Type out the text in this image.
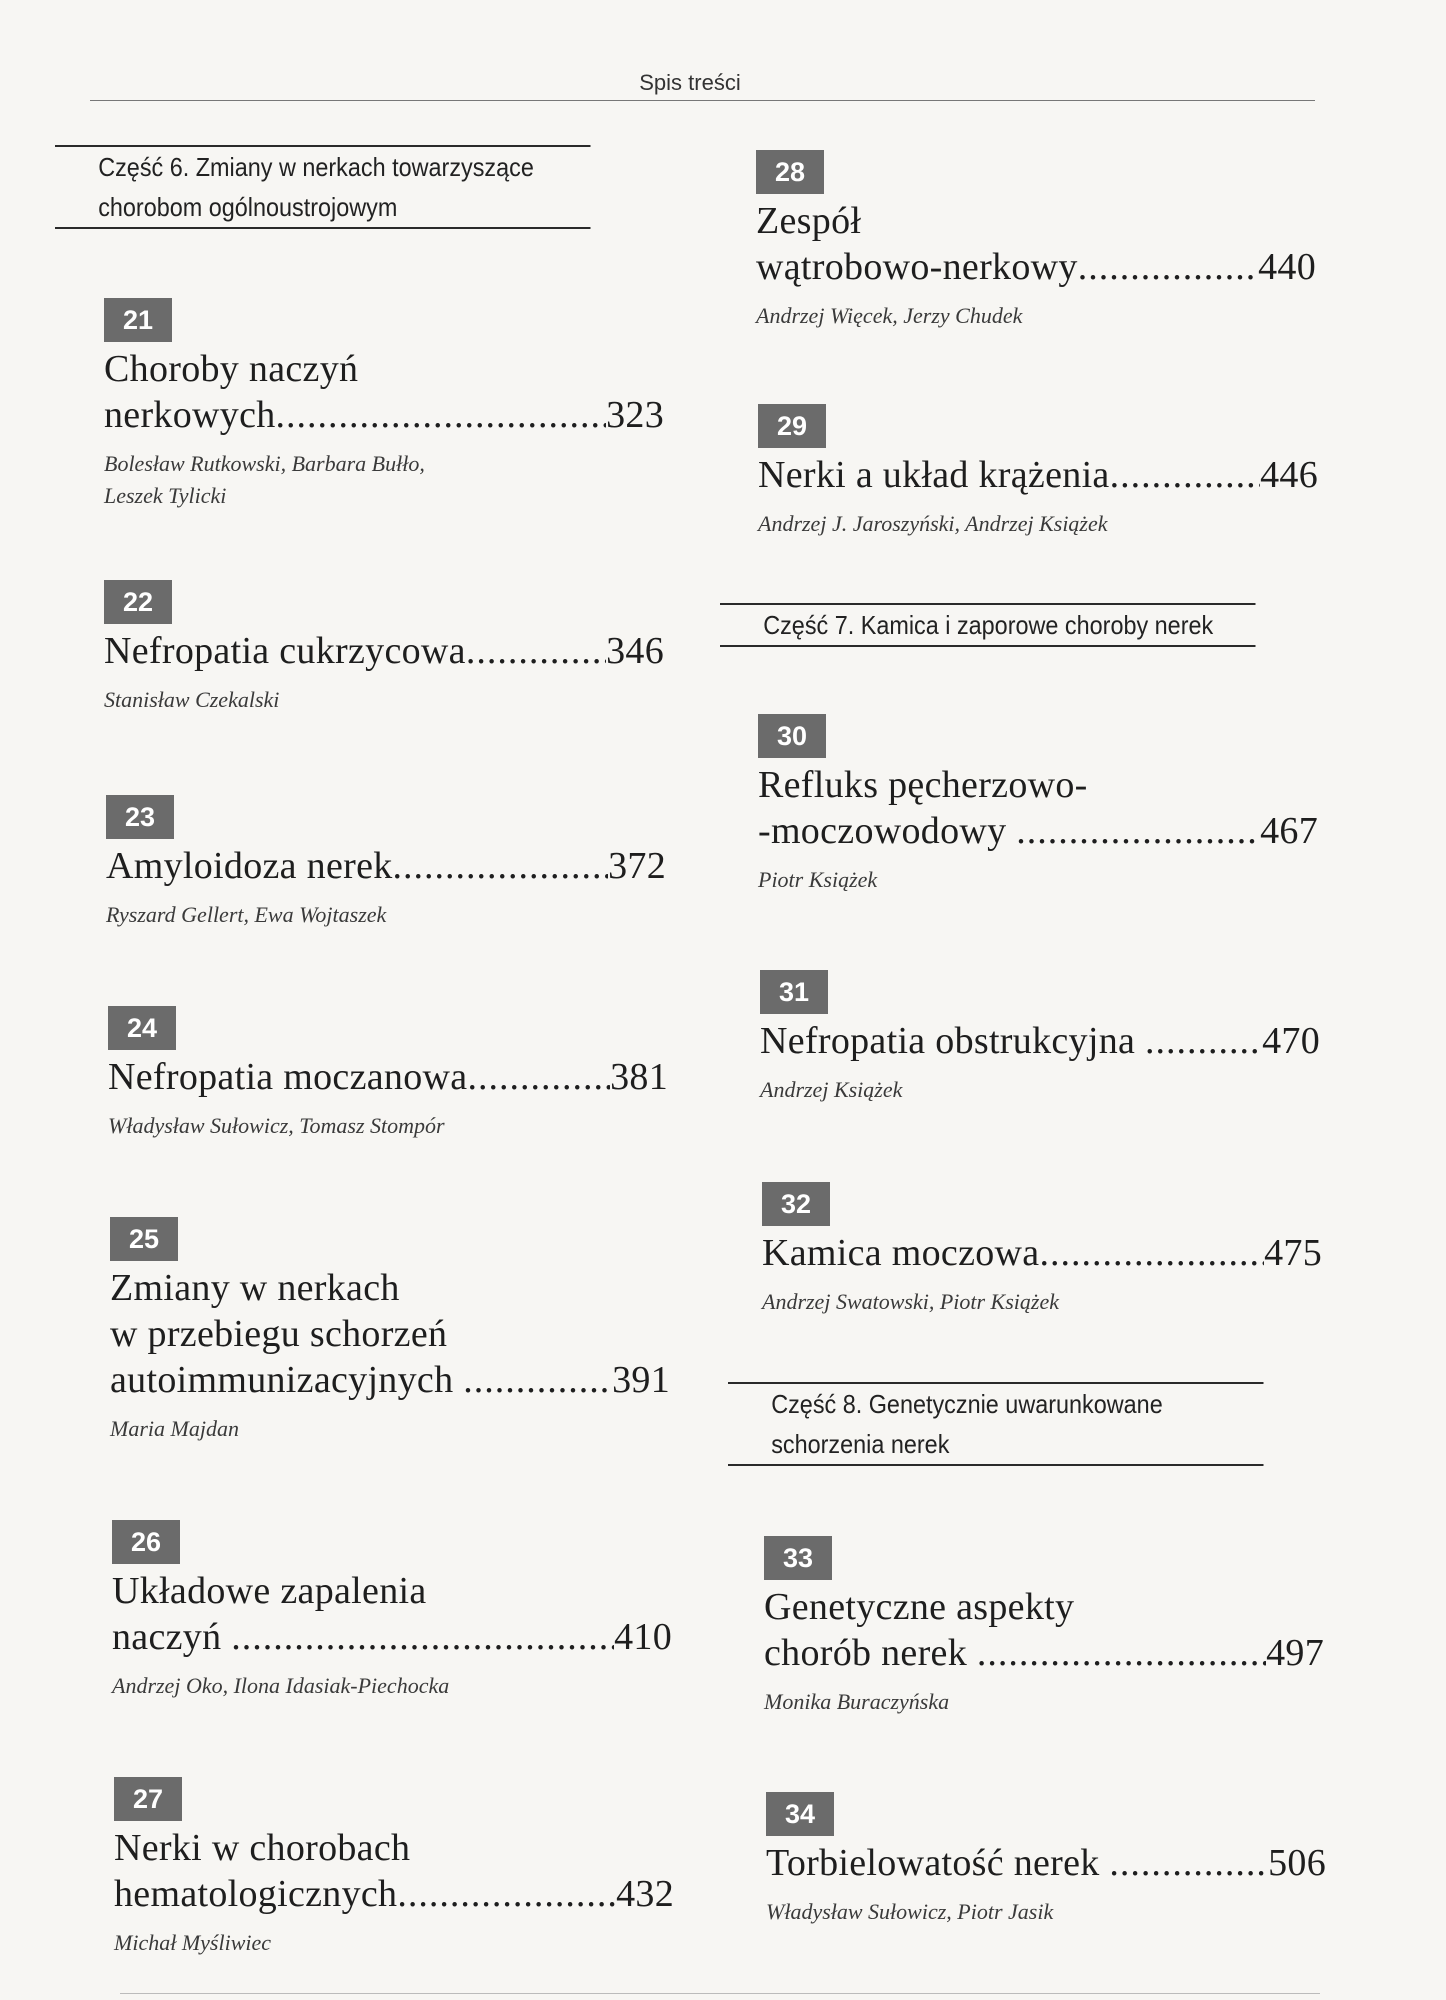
Spis treści
Część 6. Zmiany w nerkach towarzyszące
chorobom ogólnoustrojowym
Część 7. Kamica i zaporowe choroby nerek
Część 8. Genetycznie uwarunkowane
schorzenia nerek
21
Choroby naczyń
nerkowych .....	323
Bolesław Rutkowski, Barbara Bułło,
Leszek Tylicki
22
Nefropatia cukrzycowa .....	346
Stanisław Czekalski
23
Amyloidoza nerek .....	372
Ryszard Gellert, Ewa Wojtaszek
24
Nefropatia moczanowa .....	381
Władysław Sułowicz, Tomasz Stompór
25
Zmiany w nerkach
w przebiegu schorzeń
autoimmunizacyjnych .....	391
Maria Majdan
26
Układowe zapalenia
naczyń .....	410
Andrzej Oko, Ilona Idasiak-Piechocka
27
Nerki w chorobach
hematologicznych .....	432
Michał Myśliwiec
28
Zespół
wątrobowo-nerkowy .....	440
Andrzej Więcek, Jerzy Chudek
29
Nerki a układ krążenia .....	446
Andrzej J. Jaroszyński, Andrzej Książek
30
Refluks pęcherzowo-
-moczowodowy .....	467
Piotr Książek
31
Nefropatia obstrukcyjna .....	470
Andrzej Książek
32
Kamica moczowa .....	475
Andrzej Swatowski, Piotr Książek
33
Genetyczne aspekty
chorób nerek .....	497
Monika Buraczyńska
34
Torbielowatość nerek .....	506
Władysław Sułowicz, Piotr Jasik
